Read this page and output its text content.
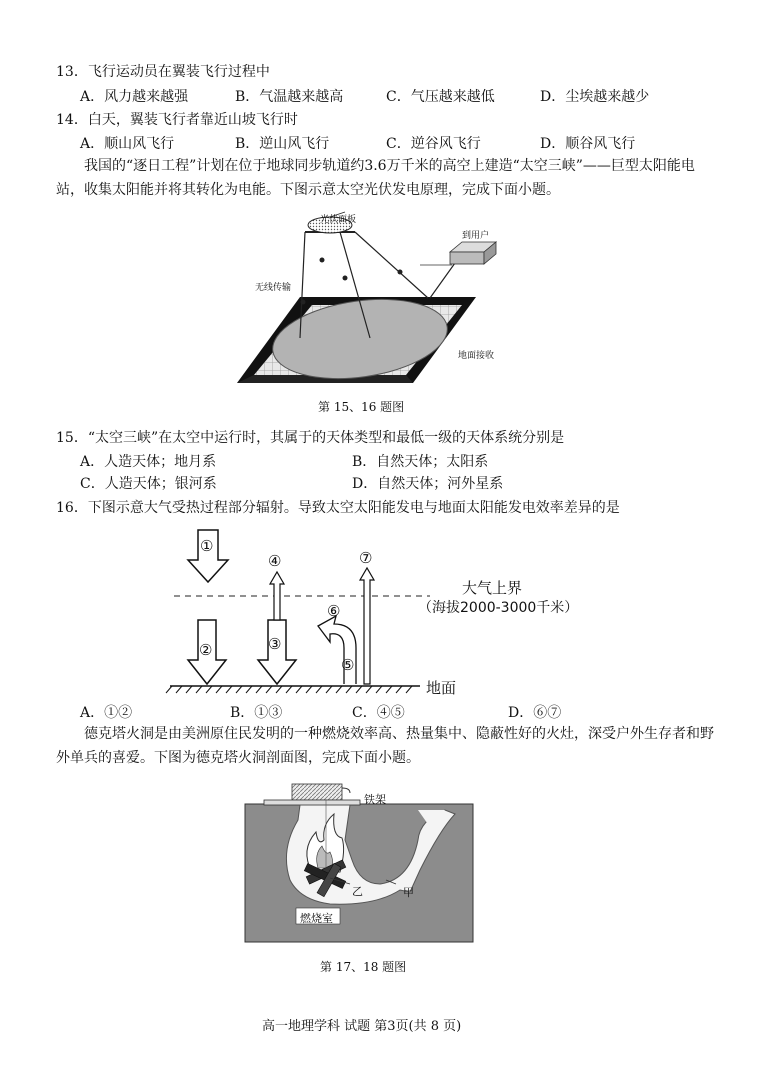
13．飞行运动员在翼装飞行过程中
A．风力越来越强	B．气温越来越高	C．气压越来越低	D．尘埃越来越少
14．白天，翼装飞行者靠近山坡飞行时
A．顺山风飞行	B．逆山风飞行	C．逆谷风飞行	D．顺谷风飞行
我国的“逐日工程”计划在位于地球同步轨道约3.6万千米的高空上建造“太空三峡”——巨型太阳能电站，收集太阳能并将其转化为电能。下图示意太空光伏发电原理，完成下面小题。
光伏面板
到用户
无线传输
地面接收
第 15、16 题图
15．“太空三峡”在太空中运行时，其属于的天体类型和最低一级的天体系统分别是
A．人造天体；地月系	B．自然天体；太阳系
C．人造天体；银河系	D．自然天体；河外星系
16．下图示意大气受热过程部分辐射。导致太空太阳能发电与地面太阳能发电效率差异的是
①
②	③
④
⑤
⑥
⑦
大气上界
（海拔2000-3000千米）
地面
A．①②	B．①③	C．④⑤	D．⑥⑦
德克塔火洞是由美洲原住民发明的一种燃烧效率高、热量集中、隐蔽性好的火灶，深受户外生存者和野外单兵的喜爱。下图为德克塔火洞剖面图，完成下面小题。
铁架
乙	甲
燃烧室
第 17、18 题图
高一地理学科 试题 第3页(共 8 页)
